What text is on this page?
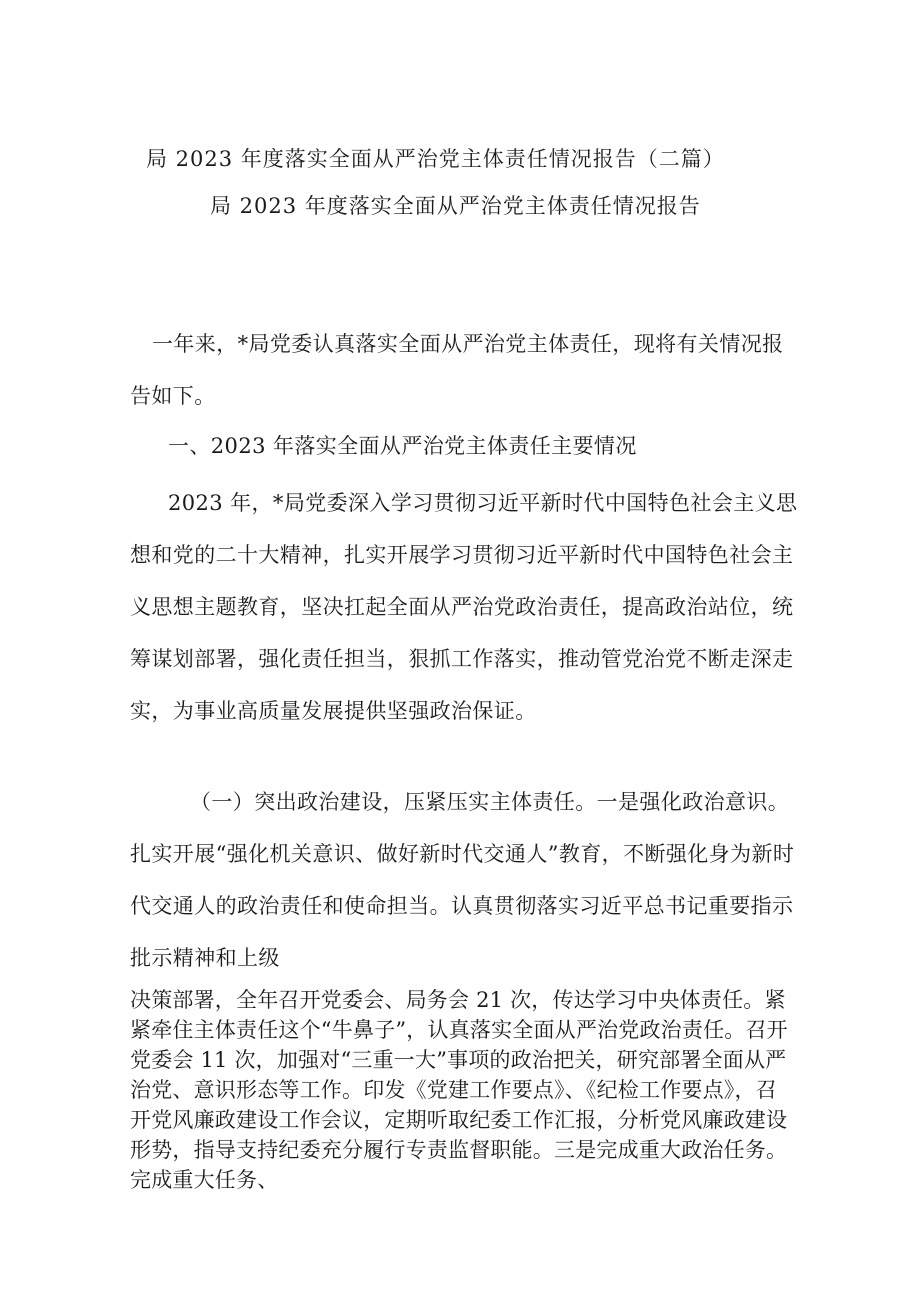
局 2023 年度落实全面从严治党主体责任情况报告（二篇）
局 2023 年度落实全面从严治党主体责任情况报告

一年来，*局党委认真落实全面从严治党主体责任，现将有关情况报告如下。

一、2023 年落实全面从严治党主体责任主要情况

2023 年，*局党委深入学习贯彻习近平新时代中国特色社会主义思想和党的二十大精神，扎实开展学习贯彻习近平新时代中国特色社会主义思想主题教育，坚决扛起全面从严治党政治责任，提高政治站位，统筹谋划部署，强化责任担当，狠抓工作落实，推动管党治党不断走深走实，为事业高质量发展提供坚强政治保证。

（一）突出政治建设，压紧压实主体责任。一是强化政治意识。扎实开展“强化机关意识、做好新时代交通人”教育，不断强化身为新时代交通人的政治责任和使命担当。认真贯彻落实习近平总书记重要指示批示精神和上级

决策部署，全年召开党委会、局务会 21 次，传达学习中央体责任。紧紧牵住主体责任这个“牛鼻子”，认真落实全面从严治党政治责任。召开党委会 11 次，加强对“三重一大”事项的政治把关，研究部署全面从严治党、意识形态等工作。印发《党建工作要点》、《纪检工作要点》，召开党风廉政建设工作会议，定期听取纪委工作汇报，分析党风廉政建设形势，指导支持纪委充分履行专责监督职能。三是完成重大政治任务。完成重大任务、
